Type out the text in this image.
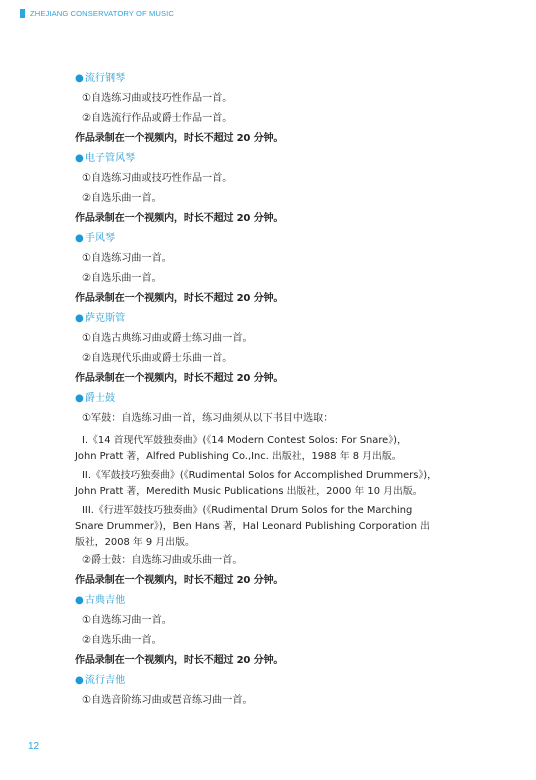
ZHEJIANG CONSERVATORY OF MUSIC
● 流行钢琴
①自选练习曲或技巧性作品一首。
②自选流行作品或爵士作品一首。
作品录制在一个视频内，时长不超过 20 分钟。
● 电子管风琴
①自选练习曲或技巧性作品一首。
②自选乐曲一首。
作品录制在一个视频内，时长不超过 20 分钟。
● 手风琴
①自选练习曲一首。
②自选乐曲一首。
作品录制在一个视频内，时长不超过 20 分钟。
● 萨克斯管
①自选古典练习曲或爵士练习曲一首。
②自选现代乐曲或爵士乐曲一首。
作品录制在一个视频内，时长不超过 20 分钟。
● 爵士鼓
①军鼓：自选练习曲一首，练习曲须从以下书目中选取：
I.《14 首现代军鼓独奏曲》(《14 Modern Contest Solos: For Snare》)，
John Pratt 著，Alfred Publishing Co.,Inc. 出版社，1988 年 8 月出版。
II.《军鼓技巧独奏曲》(《Rudimental Solos for Accomplished Drummers》)，
John Pratt 著，Meredith Music Publications 出版社，2000 年 10 月出版。
III.《行进军鼓技巧独奏曲》(《Rudimental Drum Solos for the Marching
Snare Drummer》)，Ben Hans 著，Hal Leonard Publishing Corporation 出
版社，2008 年 9 月出版。
②爵士鼓：自选练习曲或乐曲一首。
作品录制在一个视频内，时长不超过 20 分钟。
● 古典吉他
①自选练习曲一首。
②自选乐曲一首。
作品录制在一个视频内，时长不超过 20 分钟。
● 流行吉他
①自选音阶练习曲或琶音练习曲一首。
12
